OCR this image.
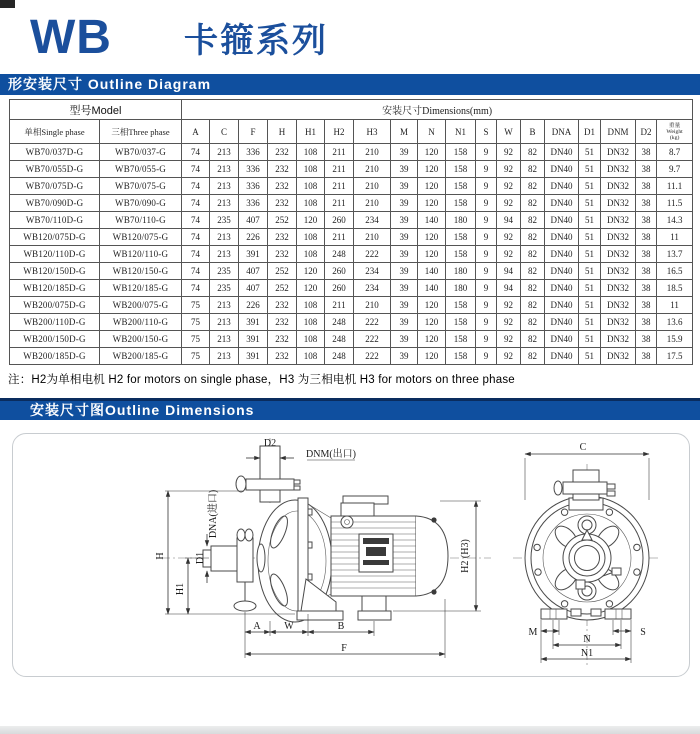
WB 卡箍系列
形安装尺寸 Outline Diagram
型号Model		安装尺寸Dimensions(mm)																	
单相Single phase	三相Three phase	A	C	F	H	H1	H2	H3	M	N	N1	S	W	B	DNA	D1	DNM	D2	重量
Weight
(kg)

WB70/037D-G	WB70/037-G	74	213	336	232	108	211	210	39	120	158	9	92	82	DN40	51	DN32	38	8.7
WB70/055D-G	WB70/055-G	74	213	336	232	108	211	210	39	120	158	9	92	82	DN40	51	DN32	38	9.7
WB70/075D-G	WB70/075-G	74	213	336	232	108	211	210	39	120	158	9	92	82	DN40	51	DN32	38	11.1
WB70/090D-G	WB70/090-G	74	213	336	232	108	211	210	39	120	158	9	92	82	DN40	51	DN32	38	11.5
WB70/110D-G	WB70/110-G	74	235	407	252	120	260	234	39	140	180	9	94	82	DN40	51	DN32	38	14.3
WB120/075D-G	WB120/075-G	74	213	226	232	108	211	210	39	120	158	9	92	82	DN40	51	DN32	38	11
WB120/110D-G	WB120/110-G	74	213	391	232	108	248	222	39	120	158	9	92	82	DN40	51	DN32	38	13.7
WB120/150D-G	WB120/150-G	74	235	407	252	120	260	234	39	140	180	9	94	82	DN40	51	DN32	38	16.5
WB120/185D-G	WB120/185-G	74	235	407	252	120	260	234	39	140	180	9	94	82	DN40	51	DN32	38	18.5
WB200/075D-G	WB200/075-G	75	213	226	232	108	211	210	39	120	158	9	92	82	DN40	51	DN32	38	11
WB200/110D-G	WB200/110-G	75	213	391	232	108	248	222	39	120	158	9	92	82	DN40	51	DN32	38	13.6
WB200/150D-G	WB200/150-G	75	213	391	232	108	248	222	39	120	158	9	92	82	DN40	51	DN32	38	15.9
WB200/185D-G	WB200/185-G	75	213	391	232	108	248	222	39	120	158	9	92	82	DN40	51	DN32	38	17.5
注：H2为单相电机 H2 for motors on single phase，H3 为三相电机 H3 for motors on three phase
安装尺寸图Outline Dimensions
H
H1
D1
DNA(进口)
D2
DNM(出口)
H2 (H3)
A W	B
F
C
M	S
N
N1
